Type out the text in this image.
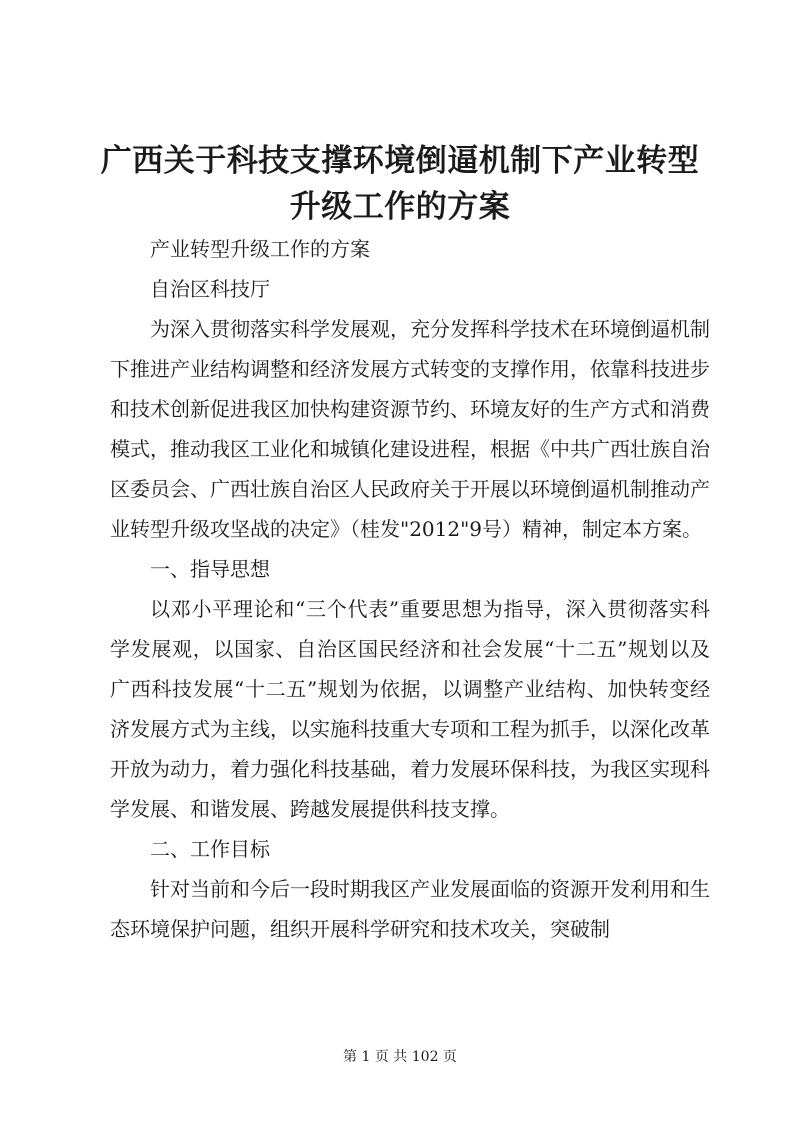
广西关于科技支撑环境倒逼机制下产业转型升级工作的方案

产业转型升级工作的方案

自治区科技厅

为深入贯彻落实科学发展观，充分发挥科学技术在环境倒逼机制下推进产业结构调整和经济发展方式转变的支撑作用，依靠科技进步和技术创新促进我区加快构建资源节约、环境友好的生产方式和消费模式，推动我区工业化和城镇化建设进程，根据《中共广西壮族自治区委员会、广西壮族自治区人民政府关于开展以环境倒逼机制推动产业转型升级攻坚战的决定》（桂发"2012"9号）精神，制定本方案。

一、指导思想

以邓小平理论和“三个代表”重要思想为指导，深入贯彻落实科学发展观，以国家、自治区国民经济和社会发展“十二五”规划以及广西科技发展“十二五”规划为依据，以调整产业结构、加快转变经济发展方式为主线，以实施科技重大专项和工程为抓手，以深化改革开放为动力，着力强化科技基础，着力发展环保科技，为我区实现科学发展、和谐发展、跨越发展提供科技支撑。

二、工作目标

针对当前和今后一段时期我区产业发展面临的资源开发利用和生态环境保护问题，组织开展科学研究和技术攻关，突破制

第 1 页 共 102 页
